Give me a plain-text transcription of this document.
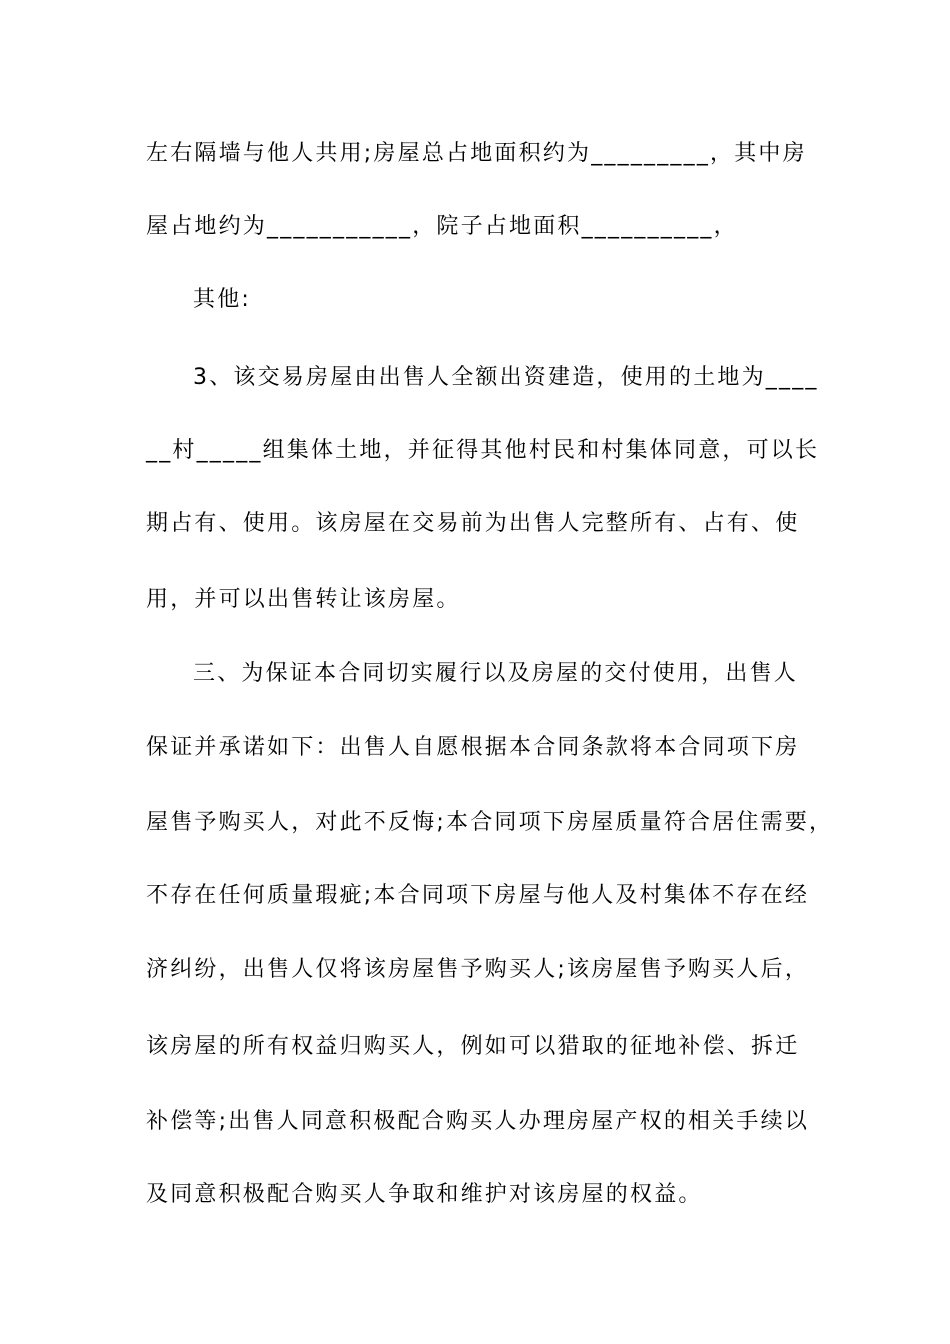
左右隔墙与他人共用;房屋总占地面积约为_________，其中房
屋占地约为___________，院子占地面积__________，
其他:
3、该交易房屋由出售人全额出资建造，使用的土地为____
__村_____组集体土地，并征得其他村民和村集体同意，可以长
期占有、使用。该房屋在交易前为出售人完整所有、占有、使
用，并可以出售转让该房屋。
三、为保证本合同切实履行以及房屋的交付使用，出售人
保证并承诺如下：出售人自愿根据本合同条款将本合同项下房
屋售予购买人，对此不反悔;本合同项下房屋质量符合居住需要，
不存在任何质量瑕疵;本合同项下房屋与他人及村集体不存在经
济纠纷，出售人仅将该房屋售予购买人;该房屋售予购买人后，
该房屋的所有权益归购买人，例如可以猎取的征地补偿、拆迁
补偿等;出售人同意积极配合购买人办理房屋产权的相关手续以
及同意积极配合购买人争取和维护对该房屋的权益。
